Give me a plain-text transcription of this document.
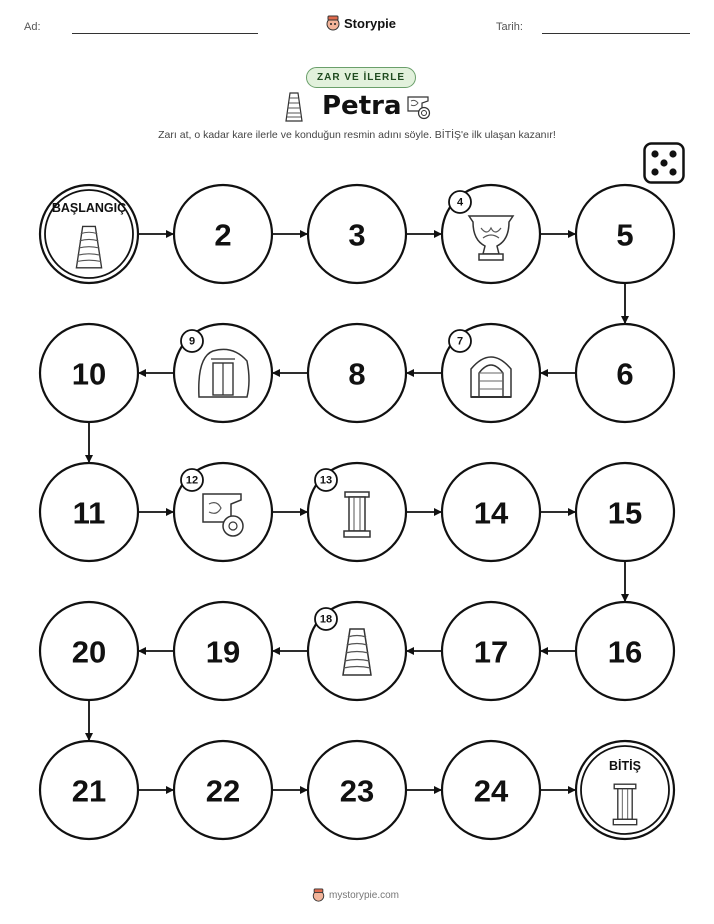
Ad:	Storypie	Tarih:
ZAR VE İLERLE
Petra
Zarı at, o kadar kare ilerle ve konduğun resmin adını söyle. BİTİŞ'e ilk ulaşan kazanır!
BAŞLANGIÇ
2	3
4
5
6
7
8
9
10
11
12	13
14	15
16
17
18
19
20
21	22	23	24
BİTİŞ
mystorypie.com
